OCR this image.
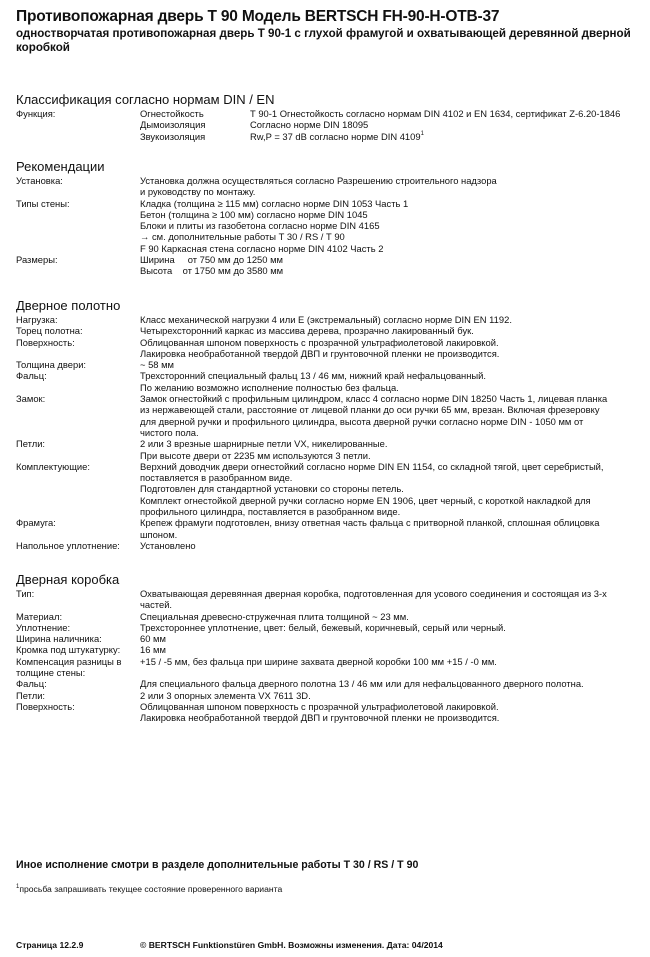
Противопожарная дверь Т 90 Модель BERTSCH FH-90-H-OTB-37
одностворчатая противопожарная дверь Т 90-1 с глухой фрамугой и охватывающей деревянной дверной коробкой
Классификация согласно нормам DIN / EN
Функция:	Огнестойкость	Т 90-1 Огнестойкость согласно нормам DIN 4102 и EN 1634, сертификат Z-6.20-1846
Дымоизоляция	Согласно норме DIN 18095
Звукоизоляция	Rw,P = 37 dB согласно норме DIN 4109$^1$
Рекомендации
Установка:	Установка должна осуществляться согласно Разрешению строительного надзора
и руководству по монтажу.
Типы стены:	Кладка (толщина ≥ 115 мм) согласно норме DIN 1053 Часть 1
Бетон (толщина ≥ 100 мм) согласно норме DIN 1045
Блоки и плиты из газобетона согласно норме DIN 4165
→ см. дополнительные работы Т 30 / RS / Т 90
F 90 Каркасная стена согласно норме DIN 4102 Часть 2
Размеры:	Ширина     от 750 мм до 1250 мм
Высота    от 1750 мм до 3580 мм
Дверное полотно
Нагрузка:	Класс механической нагрузки 4 или Е (экстремальный) согласно норме DIN EN 1192.
Торец полотна:	Четырехсторонний каркас из массива дерева, прозрачно лакированный бук.
Поверхность:	Облицованная шпоном поверхность с прозрачной ультрафиолетовой лакировкой.
Лакировка необработанной твердой ДВП и грунтовочной пленки не производится.
Толщина двери:	~ 58 мм
Фальц:	Трехсторонний специальный фальц 13 / 46 мм, нижний край нефальцованный.
По желанию возможно исполнение полностью без фальца.
Замок:	Замок огнестойкий с профильным цилиндром, класс 4 согласно норме DIN 18250 Часть 1, лицевая планка
из нержавеющей стали, расстояние от лицевой планки до оси ручки 65 мм, врезан. Включая фрезеровку
для дверной ручки и профильного цилиндра, высота дверной ручки согласно норме DIN - 1050 мм от
чистого пола.
Петли:	2 или 3 врезные шарнирные петли VX, никелированные.
При высоте двери от 2235 мм используются 3 петли.
Комплектующие:	Верхний доводчик двери огнестойкий согласно норме DIN EN 1154, со складной тягой, цвет серебристый,
поставляется в разобранном виде.
Подготовлен для стандартной установки со стороны петель.
Комплект огнестойкой дверной ручки согласно норме EN 1906, цвет черный, с короткой накладкой для
профильного цилиндра, поставляется в разобранном виде.
Фрамуга:	Крепеж фрамуги подготовлен, внизу ответная часть фальца с притворной планкой, сплошная облицовка
шпоном.
Напольное уплотнение:	Установлено
Дверная коробка
Тип:	Охватывающая деревянная дверная коробка, подготовленная для усового соединения и состоящая из 3-х
частей.
Материал:	Специальная древесно-стружечная плита толщиной ~ 23 мм.
Уплотнение:	Трехстороннее уплотнение, цвет: белый, бежевый, коричневый, серый или черный.
Ширина наличника:	60 мм
Кромка под штукатурку:	16 мм
Компенсация разницы в толщине стены:
+15 / -5 мм, без фальца при ширине захвата дверной коробки 100 мм +15 / -0 мм.
Фальц:	Для специального фальца дверного полотна 13 / 46 мм или для нефальцованного дверного полотна.
Петли:	2 или 3 опорных элемента VX 7611 3D.
Поверхность:	Облицованная шпоном поверхность с прозрачной ультрафиолетовой лакировкой.
Лакировка необработанной твердой ДВП и грунтовочной пленки не производится.
Иное исполнение смотри в разделе дополнительные работы Т 30 / RS / Т 90
$^1$просьба запрашивать текущее состояние проверенного варианта
Страница 12.2.9	© BERTSCH Funktionstüren GmbH. Возможны изменения. Дата: 04/2014
